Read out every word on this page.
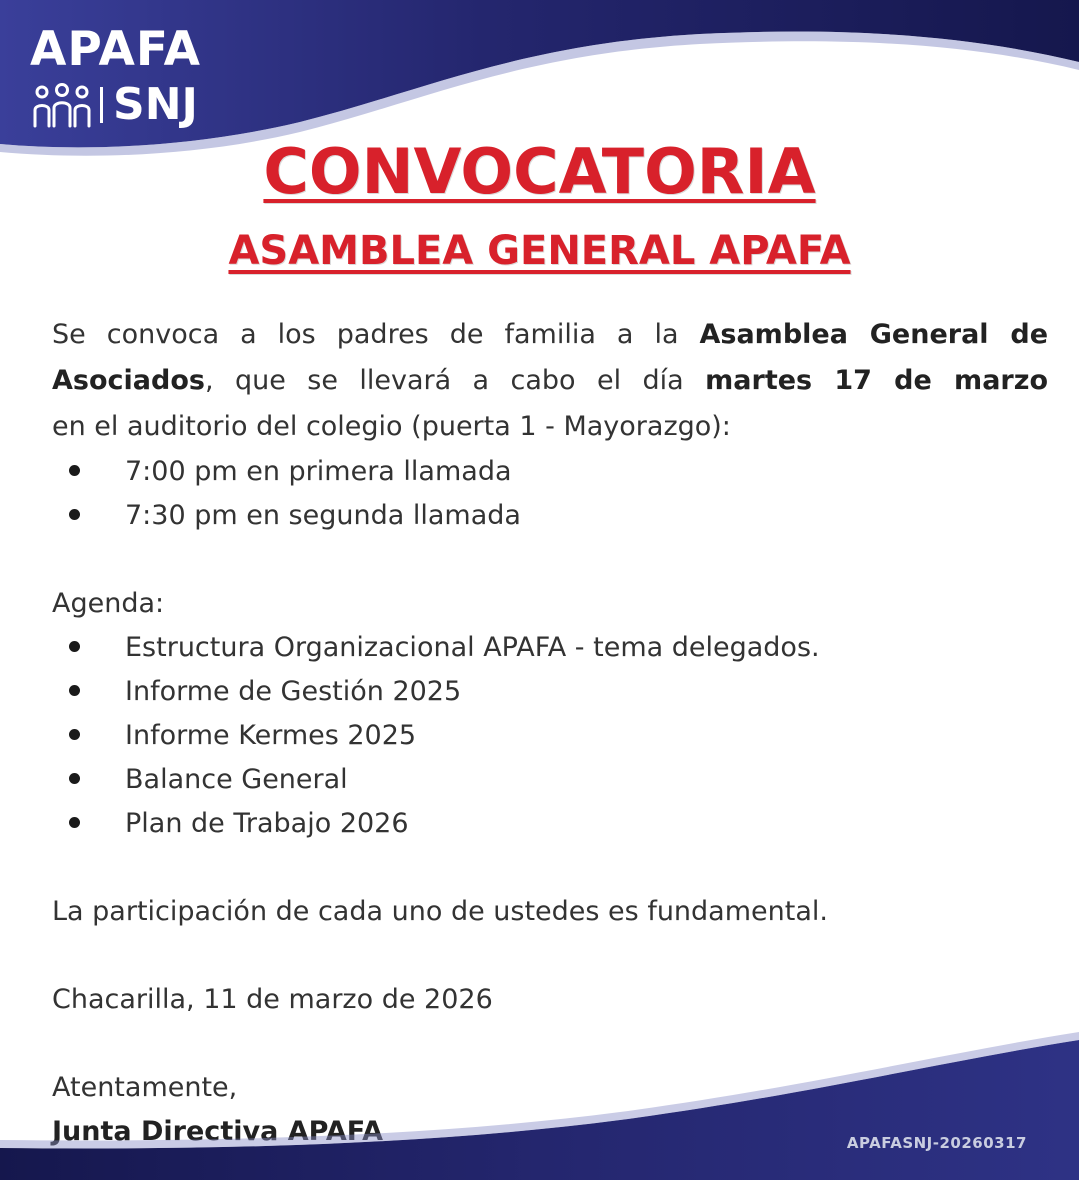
APAFA
SNJ
CONVOCATORIA
ASAMBLEA GENERAL APAFA

Se convoca a los padres de familia a la Asamblea General de
Asociados, que se llevará a cabo el día martes 17 de marzo
en el auditorio del colegio (puerta 1 - Mayorazgo):

7:00 pm en primera llamada
7:30 pm en segunda llamada

Agenda:

Estructura Organizacional APAFA - tema delegados.
Informe de Gestión 2025
Informe Kermes 2025
Balance General
Plan de Trabajo 2026

La participación de cada uno de ustedes es fundamental.

Chacarilla, 11 de marzo de 2026

Atentamente,

Junta Directiva APAFA	APAFASNJ-20260317
